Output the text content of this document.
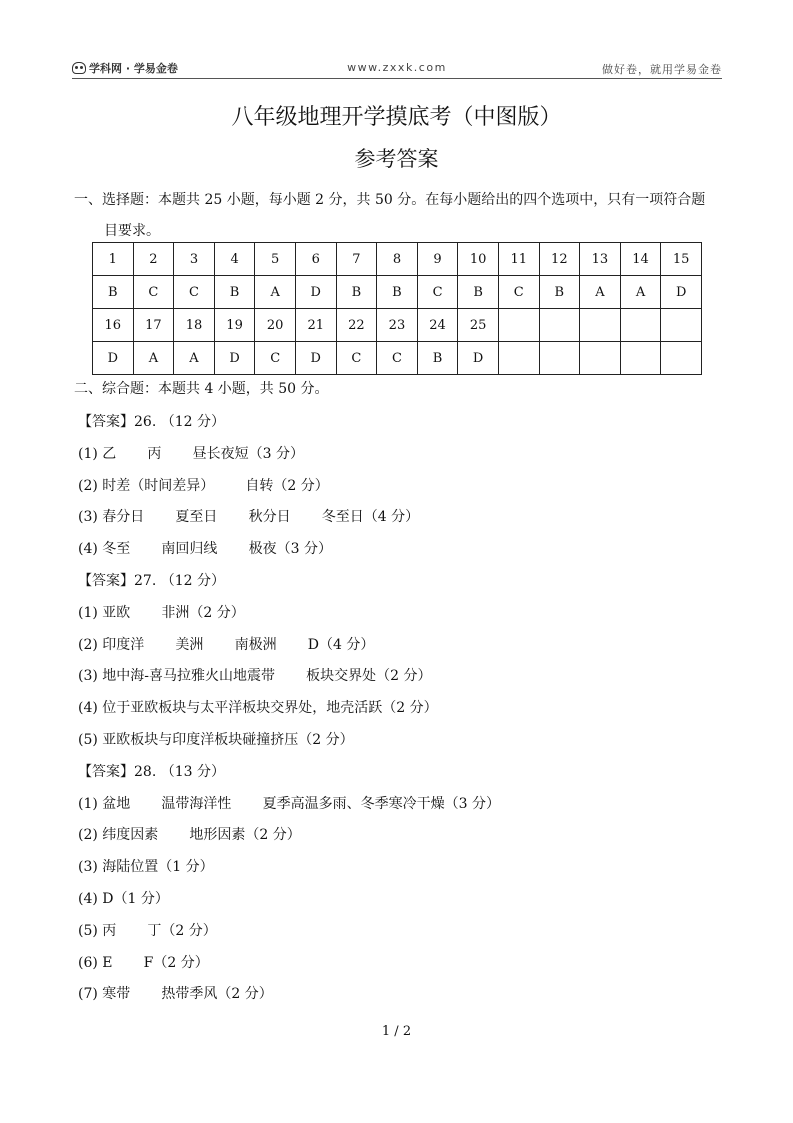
学科网 · 学易金卷	www.zxxk.com	做好卷，就用学易金卷
八年级地理开学摸底考（中图版）
参考答案
一、选择题：本题共 25 小题，每小题 2 分，共 50 分。在每小题给出的四个选项中，只有一项符合题
目要求。
1	2	3	4	5	6	7	8	9	10	11	12	13	14	15
B	C	C	B	A	D	B	B	C	B	C	B	A	A	D
16	17	18	19	20	21	22	23	24	25					
D	A	A	D	C	D	C	C	B	D					
二、综合题：本题共 4 小题，共 50 分。
【答案】26. （12 分）
(1) 乙       丙       昼长夜短（3 分）
(2) 时差（时间差异）       自转（2 分）
(3) 春分日       夏至日       秋分日       冬至日（4 分）
(4) 冬至       南回归线       极夜（3 分）
【答案】27. （12 分）
(1) 亚欧       非洲（2 分）
(2) 印度洋       美洲       南极洲       D（4 分）
(3) 地中海-喜马拉雅火山地震带       板块交界处（2 分）
(4) 位于亚欧板块与太平洋板块交界处，地壳活跃（2 分）
(5) 亚欧板块与印度洋板块碰撞挤压（2 分）
【答案】28. （13 分）
(1) 盆地       温带海洋性       夏季高温多雨、冬季寒冷干燥（3 分）
(2) 纬度因素       地形因素（2 分）
(3) 海陆位置（1 分）
(4) D（1 分）
(5) 丙       丁（2 分）
(6) E       F（2 分）
(7) 寒带       热带季风（2 分）
1 / 2
